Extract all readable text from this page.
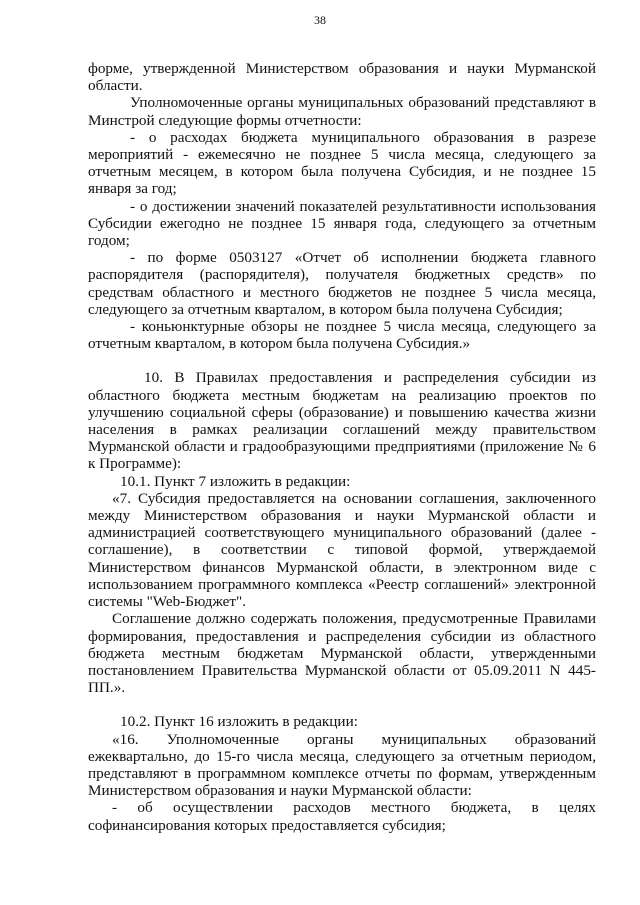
38

форме, утвержденной Министерством образования и науки Мурманской области.

Уполномоченные органы муниципальных образований представляют в Минстрой следующие формы отчетности:

- о расходах бюджета муниципального образования в разрезе мероприятий - ежемесячно не позднее 5 числа месяца, следующего за отчетным месяцем, в котором была получена Субсидия, и не позднее 15 января за год;

- о достижении значений показателей результативности использования Субсидии ежегодно не позднее 15 января года, следующего за отчетным годом;

- по форме 0503127 «Отчет об исполнении бюджета главного распорядителя (распорядителя), получателя бюджетных средств» по средствам областного и местного бюджетов не позднее 5 числа месяца, следующего за отчетным кварталом, в котором была получена Субсидия;

- коньюнктурные обзоры не позднее 5 числа месяца, следующего за отчетным кварталом, в котором была получена Субсидия.»

10. В Правилах предоставления и распределения субсидии из областного бюджета местным бюджетам на реализацию проектов по улучшению социальной сферы (образование) и повышению качества жизни населения в рамках реализации соглашений между правительством Мурманской области и градообразующими предприятиями (приложение № 6 к Программе):

10.1. Пункт 7 изложить в редакции:

«7. Субсидия предоставляется на основании соглашения, заключенного между Министерством образования и науки Мурманской области и администрацией соответствующего муниципального образований (далее - соглашение), в соответствии с типовой формой, утверждаемой Министерством финансов Мурманской области, в электронном виде с использованием программного комплекса «Реестр соглашений» электронной системы "Web-Бюджет".

Соглашение должно содержать положения, предусмотренные Правилами формирования, предоставления и распределения субсидии из областного бюджета местным бюджетам Мурманской области, утвержденными постановлением Правительства Мурманской области от 05.09.2011 N 445-ПП.».

10.2. Пункт 16 изложить в редакции:

«16. Уполномоченные органы муниципальных образований ежеквартально, до 15-го числа месяца, следующего за отчетным периодом, представляют в программном комплексе отчеты по формам, утвержденным Министерством образования и науки Мурманской области:

- об осуществлении расходов местного бюджета, в целях софинансирования которых предоставляется субсидия;
